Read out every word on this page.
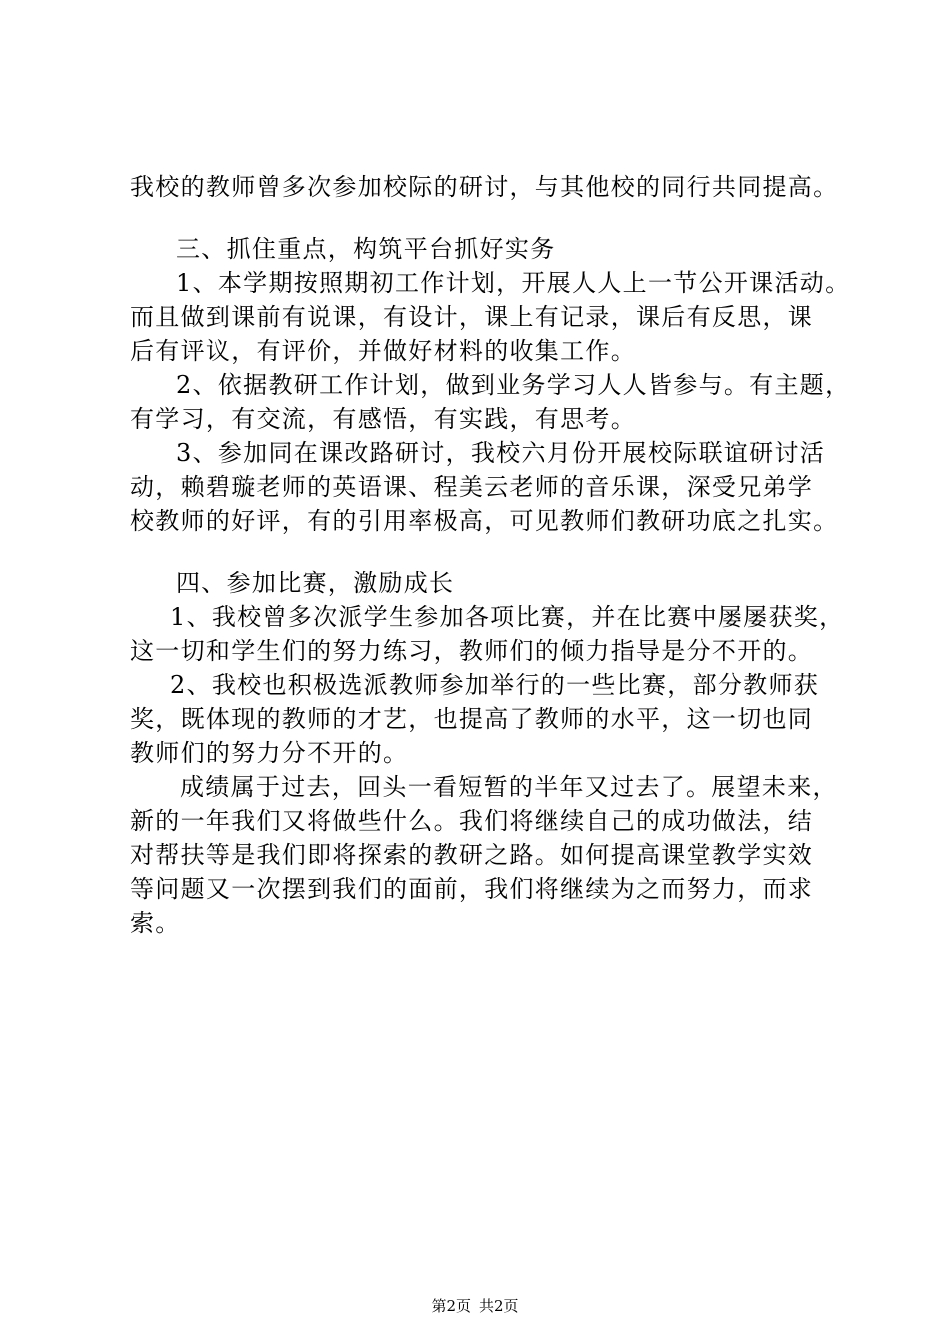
我校的教师曾多次参加校际的研讨，与其他校的同行共同提高。
三、抓住重点，构筑平台抓好实务
1、本学期按照期初工作计划，开展人人上一节公开课活动。
而且做到课前有说课，有设计，课上有记录，课后有反思，课
后有评议，有评价，并做好材料的收集工作。
2、依据教研工作计划，做到业务学习人人皆参与。有主题，
有学习，有交流，有感悟，有实践，有思考。
3、参加同在课改路研讨，我校六月份开展校际联谊研讨活
动，赖碧璇老师的英语课、程美云老师的音乐课，深受兄弟学
校教师的好评，有的引用率极高，可见教师们教研功底之扎实。
四、参加比赛，激励成长
1、我校曾多次派学生参加各项比赛，并在比赛中屡屡获奖，
这一切和学生们的努力练习，教师们的倾力指导是分不开的。
2、我校也积极选派教师参加举行的一些比赛，部分教师获
奖，既体现的教师的才艺，也提高了教师的水平，这一切也同
教师们的努力分不开的。
成绩属于过去，回头一看短暂的半年又过去了。展望未来，
新的一年我们又将做些什么。我们将继续自己的成功做法，结
对帮扶等是我们即将探索的教研之路。如何提高课堂教学实效
等问题又一次摆到我们的面前，我们将继续为之而努力，而求
索。
第2页 共2页
